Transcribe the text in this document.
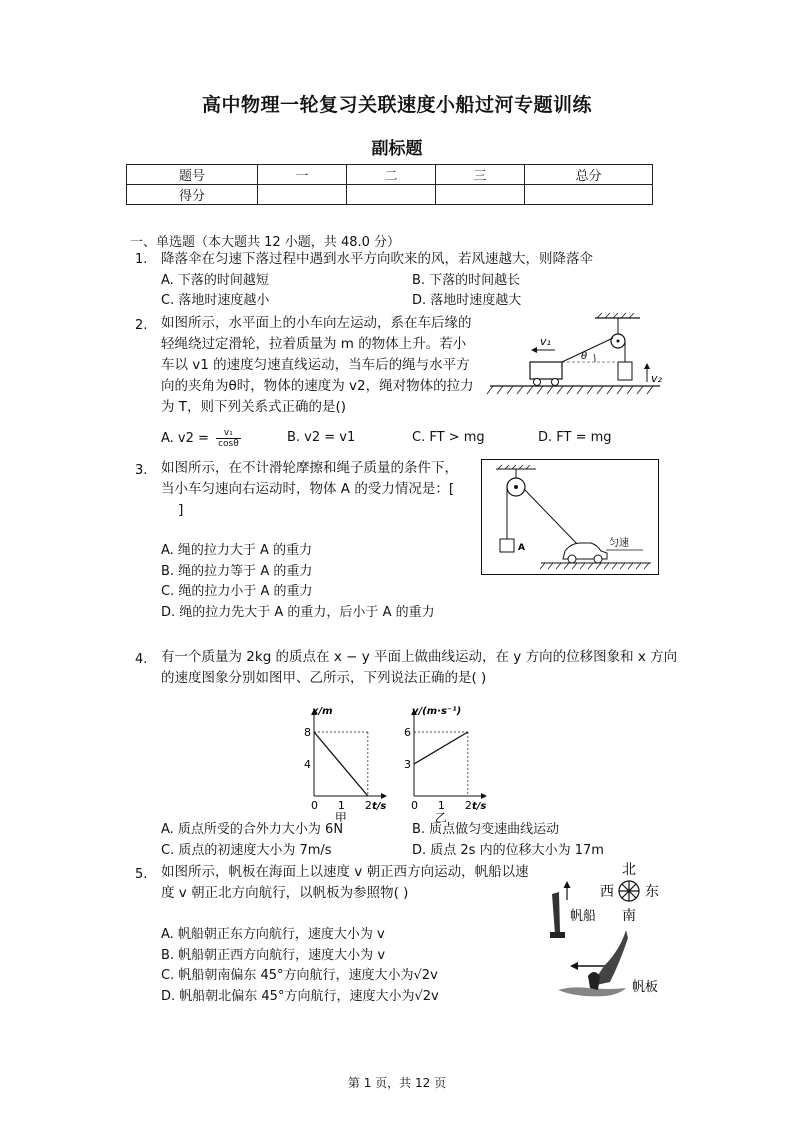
高中物理一轮复习关联速度小船过河专题训练
副标题
题号	一	二	三	总分
得分				
一、单选题（本大题共 12 小题，共 48.0 分）
1. 降落伞在匀速下落过程中遇到水平方向吹来的风，若风速越大，则降落伞
A. 下落的时间越短	B. 下落的时间越长
C. 落地时速度越小	D. 落地时速度越大
2. 如图所示，水平面上的小车向左运动，系在车后缘的
轻绳绕过定滑轮，拉着质量为 m 的物体上升。若小
车以 v1 的速度匀速直线运动，当车后的绳与水平方
向的夹角为θ时，物体的速度为 v2，绳对物体的拉力
为 T，则下列关系式正确的是()
A. $v2 = \frac{\text{v₁}}{\cos\theta}$	B. v2 = v1	C. FT > mg	D. FT = mg
θ
v₁
v₂
3. 如图所示，在不计滑轮摩擦和绳子质量的条件下，
当小车匀速向右运动时，物体 A 的受力情况是：[
]
A. 绳的拉力大于 A 的重力
B. 绳的拉力等于 A 的重力
C. 绳的拉力小于 A 的重力
D. 绳的拉力先大于 A 的重力，后小于 A 的重力
A	匀速
4. 有一个质量为 2kg 的质点在 x − y 平面上做曲线运动，在 y 方向的位移图象和 x 方向
的速度图象分别如图甲、乙所示，下列说法正确的是( )
x/m
t/s
0 1 2
4
8
甲
v/(m·s⁻¹)
t/s
0 1 2
3
6
乙
A. 质点所受的合外力大小为 6N	B. 质点做匀变速曲线运动
C. 质点的初速度大小为 7m/s	D. 质点 2s 内的位移大小为 17m
5. 如图所示，帆板在海面上以速度 v 朝正西方向运动，帆船以速
度 v 朝正北方向航行，以帆板为参照物( )
A. 帆船朝正东方向航行，速度大小为 v
B. 帆船朝正西方向航行，速度大小为 v
C. 帆船朝南偏东 45°方向航行，速度大小为√2v
D. 帆船朝北偏东 45°方向航行，速度大小为√2v
北
西 东
南
帆船
帆板
第 1 页，共 12 页
